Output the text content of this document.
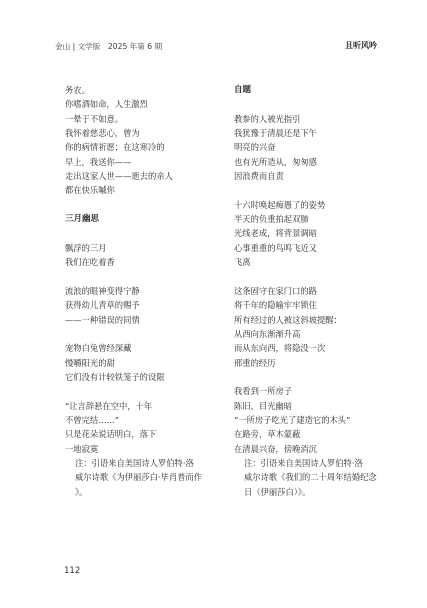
金山 | 文学版　2025 年第 6 期	且听风吟
务农。
你嗜酒如命，人生激烈
一晕于不如意。
我怀着慈悲心，曾为
你的病情祈愿；在这寒冷的
早上，我送你——
走出这家人世——逝去的亲人
都在快乐嘁你
三月幽思
飘浮的三月
我们在吃着香
流浪的眼神变得宁静
获得幼儿青草的赐予
——一种错误的同情
宠物白兔曾经深藏
慢嚼阳光的甜
它们没有计较铁笼子的设限
“让言辞悬在空中，十年
不曾完结……”
只是花朵说话明白，落下
一地寂寞
注：引语来自美国诗人罗伯特·洛
威尔诗歌《为伊丽莎白·毕肖普而作
》。
自题
教参的人被光指引
我犹豫于清晨还是下午
明亮的兴奋
也有光所造从，匆匆感
因浪费而自责
十六时唤起痴愚了的姿势
半天的负重拍起双肺
光线老成，将背景调暗
心事重重的鸟鸣飞近又
飞离
这条固守在家门口的路
将千年的隐喻牢牢锁住
所有经过的人被这斜坡提醒：
从西向东渐渐升高
而从东向西，将隐没一次
邢重的经历
我看到一所房子
陈旧，目光幽暗
“一所房子吃光了建造它的木头”
在路旁，草木蒙蔽
在清晨兴奋，傍晚消沉
注：引语来自美国诗人罗伯特·洛
威尔诗歌《我们的二十周年结婚纪念
日（伊丽莎白）》。
112
